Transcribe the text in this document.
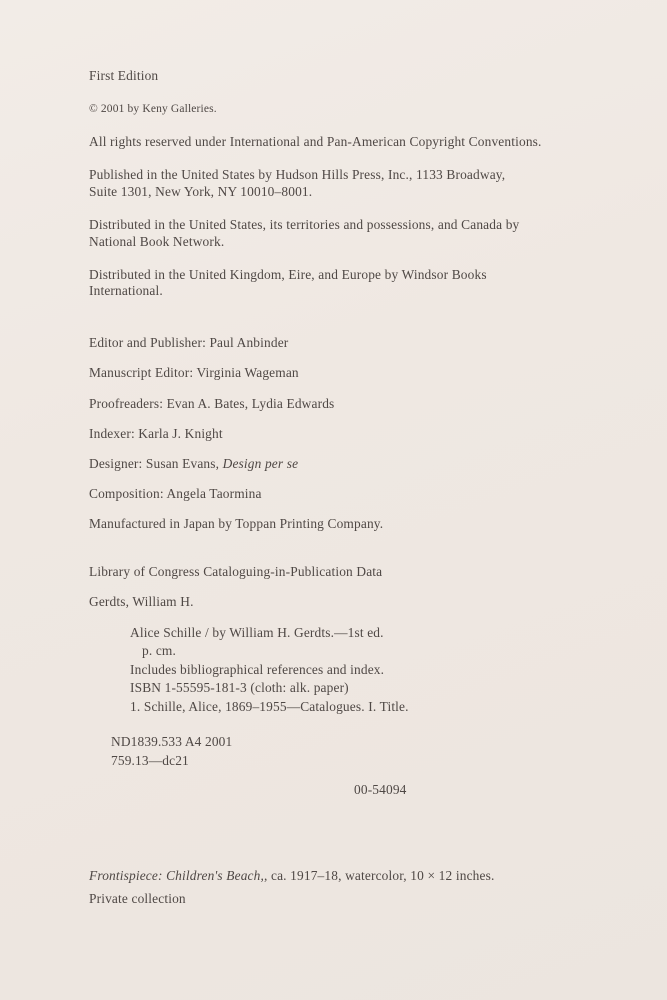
First Edition

© 2001 by Keny Galleries.

All rights reserved under International and Pan-American Copyright Conventions.

Published in the United States by Hudson Hills Press, Inc., 1133 Broadway,

Suite 1301, New York, NY 10010–8001.

Distributed in the United States, its territories and possessions, and Canada by

National Book Network.

Distributed in the United Kingdom, Eire, and Europe by Windsor Books

International.

Editor and Publisher: Paul Anbinder

Manuscript Editor: Virginia Wageman

Proofreaders: Evan A. Bates, Lydia Edwards

Indexer: Karla J. Knight

Designer: Susan Evans, Design per se

Composition: Angela Taormina

Manufactured in Japan by Toppan Printing Company.

Library of Congress Cataloguing-in-Publication Data

Gerdts, William H.

Alice Schille / by William H. Gerdts.—1st ed.

p. cm.

Includes bibliographical references and index.

ISBN 1-55595-181-3 (cloth: alk. paper)

1. Schille, Alice, 1869–1955—Catalogues. I. Title.

ND1839.533 A4 2001

759.13—dc21

00-54094

Frontispiece: Children's Beach,, ca. 1917–18, watercolor, 10 × 12 inches.

Private collection
